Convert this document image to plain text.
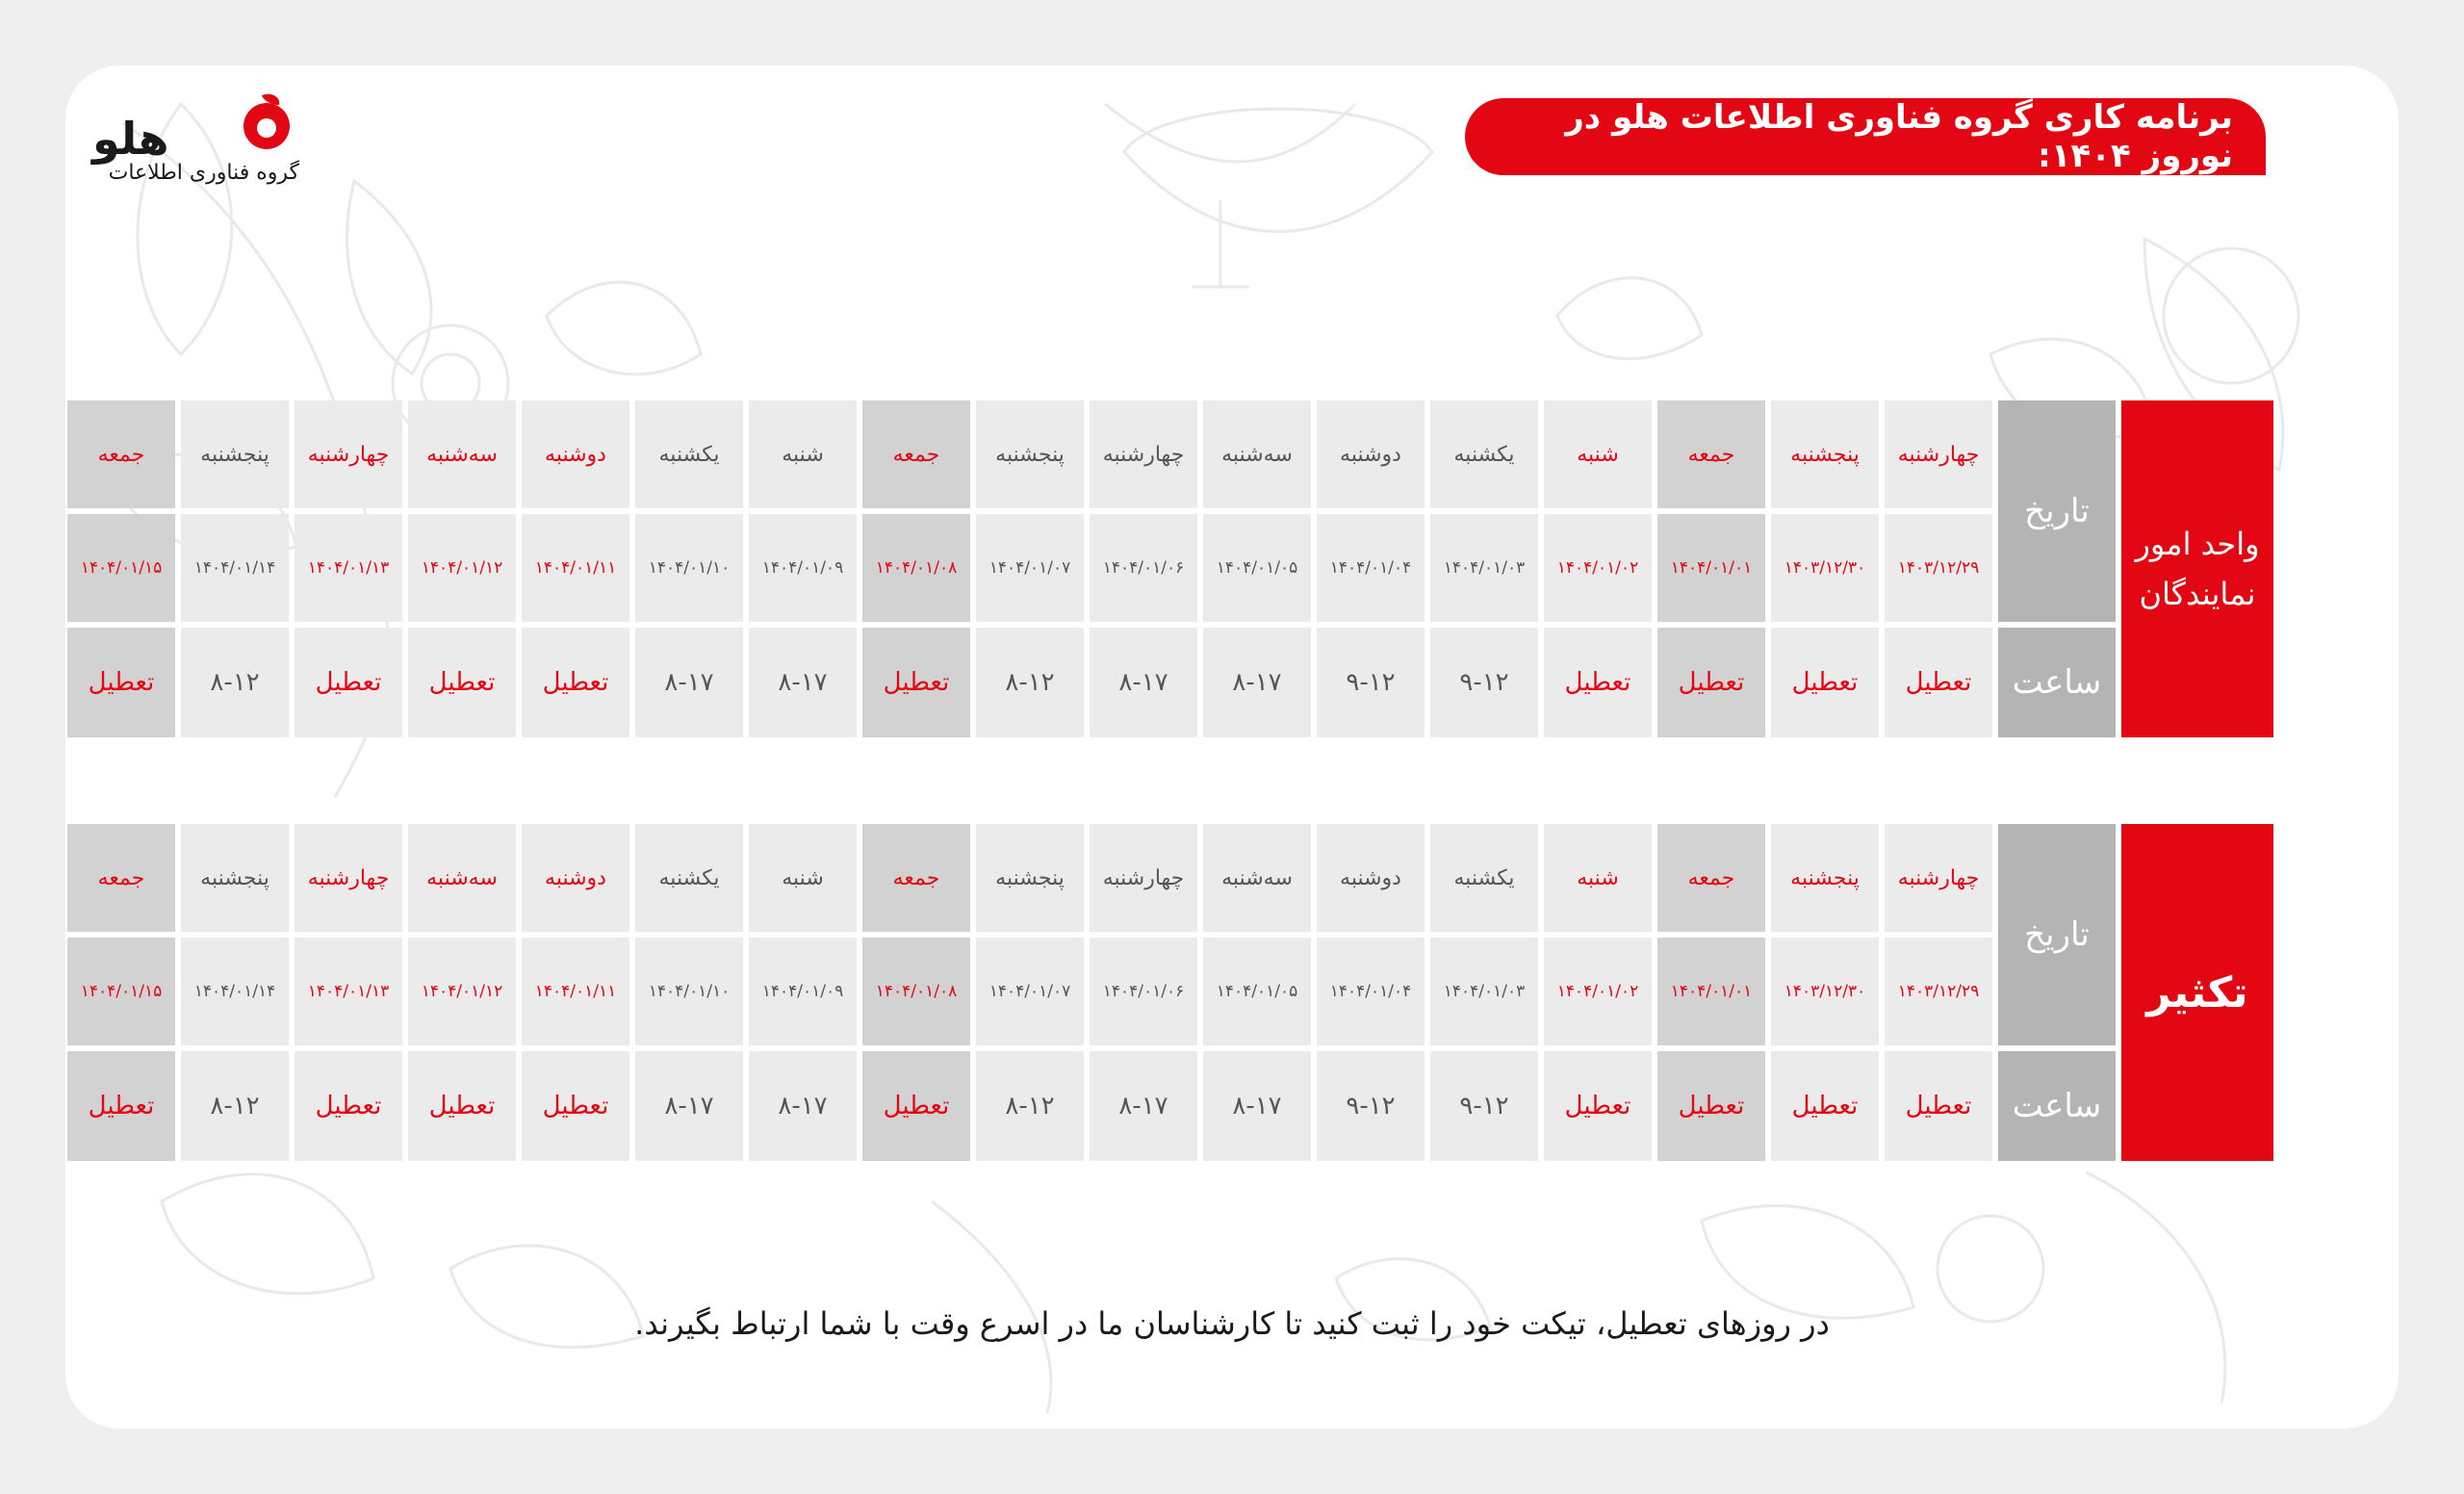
برنامه کاری گروه فناوری اطلاعات هلو در نوروز ۱۴۰۴:
هلو
گروه فناوری اطلاعات
واحد امور نمایندگان
تاریخ
ساعت
چهارشنبه
۱۴۰۳/۱۲/۲۹
تعطیل
پنجشنبه
۱۴۰۳/۱۲/۳۰
تعطیل
جمعه
۱۴۰۴/۰۱/۰۱
تعطیل
شنبه
۱۴۰۴/۰۱/۰۲
تعطیل
یکشنبه
۱۴۰۴/۰۱/۰۳
۹-۱۲
دوشنبه
۱۴۰۴/۰۱/۰۴
۹-۱۲
سه‌شنبه
۱۴۰۴/۰۱/۰۵
۸-۱۷
چهارشنبه
۱۴۰۴/۰۱/۰۶
۸-۱۷
پنجشنبه
۱۴۰۴/۰۱/۰۷
۸-۱۲
جمعه
۱۴۰۴/۰۱/۰۸
تعطیل
شنبه
۱۴۰۴/۰۱/۰۹
۸-۱۷
یکشنبه
۱۴۰۴/۰۱/۱۰
۸-۱۷
دوشنبه
۱۴۰۴/۰۱/۱۱
تعطیل
سه‌شنبه
۱۴۰۴/۰۱/۱۲
تعطیل
چهارشنبه
۱۴۰۴/۰۱/۱۳
تعطیل
پنجشنبه
۱۴۰۴/۰۱/۱۴
۸-۱۲
جمعه
۱۴۰۴/۰۱/۱۵
تعطیل
تکثیر
تاریخ
ساعت
چهارشنبه
۱۴۰۳/۱۲/۲۹
تعطیل
پنجشنبه
۱۴۰۳/۱۲/۳۰
تعطیل
جمعه
۱۴۰۴/۰۱/۰۱
تعطیل
شنبه
۱۴۰۴/۰۱/۰۲
تعطیل
یکشنبه
۱۴۰۴/۰۱/۰۳
۹-۱۲
دوشنبه
۱۴۰۴/۰۱/۰۴
۹-۱۲
سه‌شنبه
۱۴۰۴/۰۱/۰۵
۸-۱۷
چهارشنبه
۱۴۰۴/۰۱/۰۶
۸-۱۷
پنجشنبه
۱۴۰۴/۰۱/۰۷
۸-۱۲
جمعه
۱۴۰۴/۰۱/۰۸
تعطیل
شنبه
۱۴۰۴/۰۱/۰۹
۸-۱۷
یکشنبه
۱۴۰۴/۰۱/۱۰
۸-۱۷
دوشنبه
۱۴۰۴/۰۱/۱۱
تعطیل
سه‌شنبه
۱۴۰۴/۰۱/۱۲
تعطیل
چهارشنبه
۱۴۰۴/۰۱/۱۳
تعطیل
پنجشنبه
۱۴۰۴/۰۱/۱۴
۸-۱۲
جمعه
۱۴۰۴/۰۱/۱۵
تعطیل
در روزهای تعطیل، تیکت خود را ثبت کنید تا کارشناسان ما در اسرع وقت با شما ارتباط بگیرند.
